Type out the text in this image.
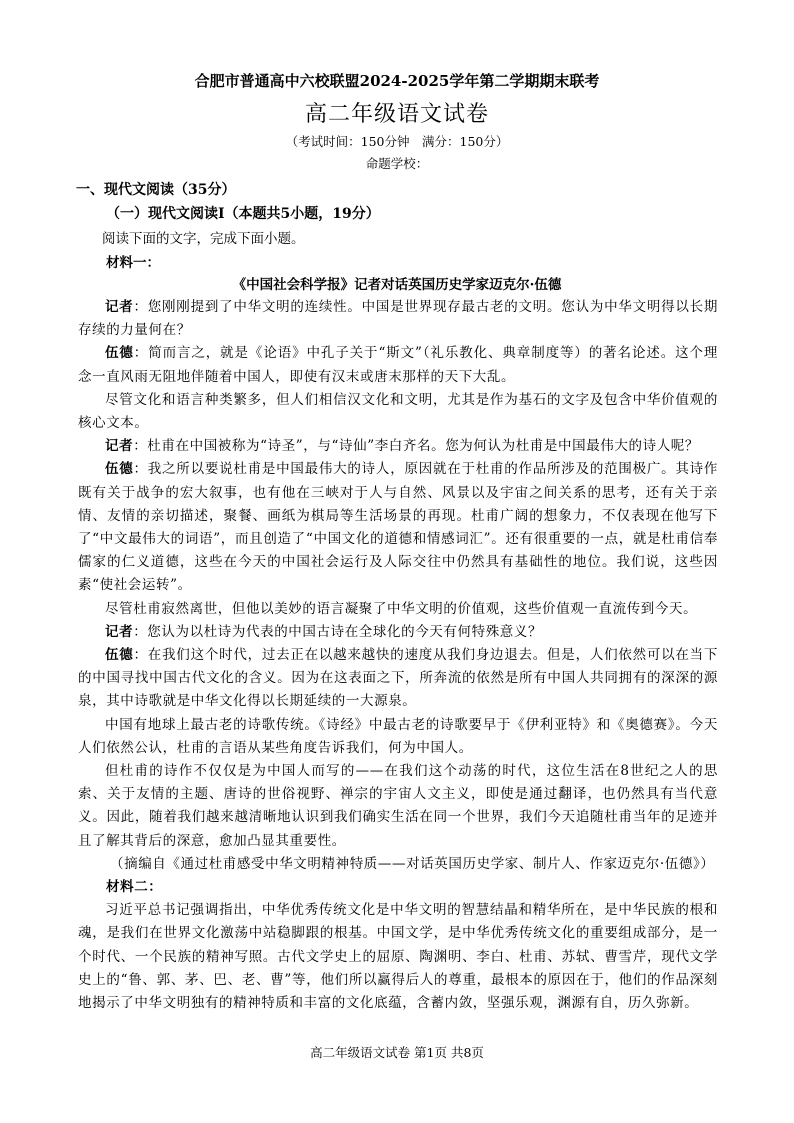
合肥市普通高中六校联盟2024-2025学年第二学期期末联考
高二年级语文试卷
（考试时间：150分钟　满分：150分）
命题学校：
一、现代文阅读（35分）
（一）现代文阅读Ⅰ（本题共5小题，19分）
阅读下面的文字，完成下面小题。
材料一：
《中国社会科学报》记者对话英国历史学家迈克尔·伍德

记者：您刚刚提到了中华文明的连续性。中国是世界现存最古老的文明。您认为中华文明得以长期存续的力量何在？

伍德：简而言之，就是《论语》中孔子关于“斯文”（礼乐教化、典章制度等）的著名论述。这个理念一直风雨无阻地伴随着中国人，即使有汉末或唐末那样的天下大乱。

尽管文化和语言种类繁多，但人们相信汉文化和文明，尤其是作为基石的文字及包含中华价值观的核心文本。

记者：杜甫在中国被称为“诗圣”，与“诗仙”李白齐名。您为何认为杜甫是中国最伟大的诗人呢？

伍德：我之所以要说杜甫是中国最伟大的诗人，原因就在于杜甫的作品所涉及的范围极广。其诗作既有关于战争的宏大叙事，也有他在三峡对于人与自然、风景以及宇宙之间关系的思考，还有关于亲情、友情的亲切描述，聚餐、画纸为棋局等生活场景的再现。杜甫广阔的想象力，不仅表现在他写下了“中文最伟大的词语”，而且创造了“中国文化的道德和情感词汇”。还有很重要的一点，就是杜甫信奉儒家的仁义道德，这些在今天的中国社会运行及人际交往中仍然具有基础性的地位。我们说，这些因素“使社会运转”。

尽管杜甫寂然离世，但他以美妙的语言凝聚了中华文明的价值观，这些价值观一直流传到今天。

记者：您认为以杜诗为代表的中国古诗在全球化的今天有何特殊意义？

伍德：在我们这个时代，过去正在以越来越快的速度从我们身边退去。但是，人们依然可以在当下的中国寻找中国古代文化的含义。因为在这表面之下，所奔流的依然是所有中国人共同拥有的深深的源泉，其中诗歌就是中华文化得以长期延续的一大源泉。

中国有地球上最古老的诗歌传统。《诗经》中最古老的诗歌要早于《伊利亚特》和《奥德赛》。今天人们依然公认，杜甫的言语从某些角度告诉我们，何为中国人。

但杜甫的诗作不仅仅是为中国人而写的——在我们这个动荡的时代，这位生活在8世纪之人的思索、关于友情的主题、唐诗的世俗视野、禅宗的宇宙人文主义，即使是通过翻译，也仍然具有当代意义。因此，随着我们越来越清晰地认识到我们确实生活在同一个世界，我们今天追随杜甫当年的足迹并且了解其背后的深意，愈加凸显其重要性。

（摘编自《通过杜甫感受中华文明精神特质——对话英国历史学家、制片人、作家迈克尔·伍德》）

材料二：

习近平总书记强调指出，中华优秀传统文化是中华文明的智慧结晶和精华所在，是中华民族的根和魂，是我们在世界文化激荡中站稳脚跟的根基。中国文学，是中华优秀传统文化的重要组成部分，是一个时代、一个民族的精神写照。古代文学史上的屈原、陶渊明、李白、杜甫、苏轼、曹雪芹，现代文学史上的“鲁、郭、茅、巴、老、曹”等，他们所以赢得后人的尊重，最根本的原因在于，他们的作品深刻地揭示了中华文明独有的精神特质和丰富的文化底蕴，含蓄内敛，坚强乐观，渊源有自，历久弥新。

高二年级语文试卷 第1页 共8页
